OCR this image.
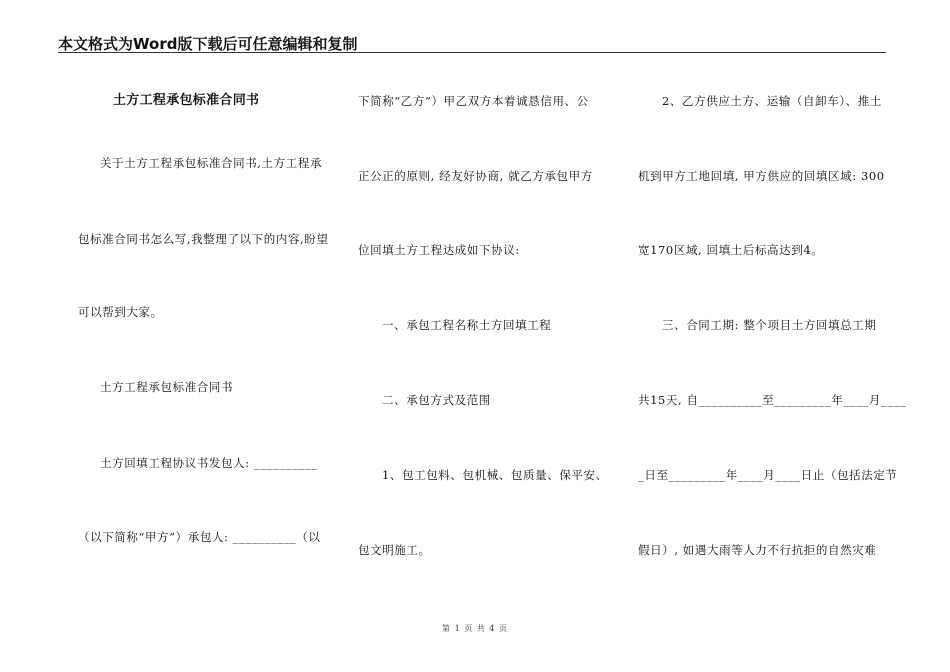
本文格式为Word版下载后可任意编辑和复制
土方工程承包标准合同书
关于土方工程承包标准合同书,土方工程承
包标准合同书怎么写,我整理了以下的内容,盼望
可以帮到大家。
土方工程承包标准合同书
土方回填工程协议书发包人: __________
（以下简称“甲方”）承包人: __________（以
下简称“乙方”）甲乙双方本着诚恳信用、公
正公正的原则, 经友好协商, 就乙方承包甲方
位回填土方工程达成如下协议:
一、承包工程名称土方回填工程
二、承包方式及范围
1、包工包料、包机械、包质量、保平安、
包文明施工。
2、乙方供应土方、运输（自卸车）、推土
机到甲方工地回填, 甲方供应的回填区域: 300
宽170区域, 回填土后标高达到4。
三、合同工期: 整个项目土方回填总工期
共15天, 自__________至_________年____月____
_日至_________年____月____日止（包括法定节
假日）, 如遇大雨等人力不行抗拒的自然灾难
第 1 页 共 4 页
